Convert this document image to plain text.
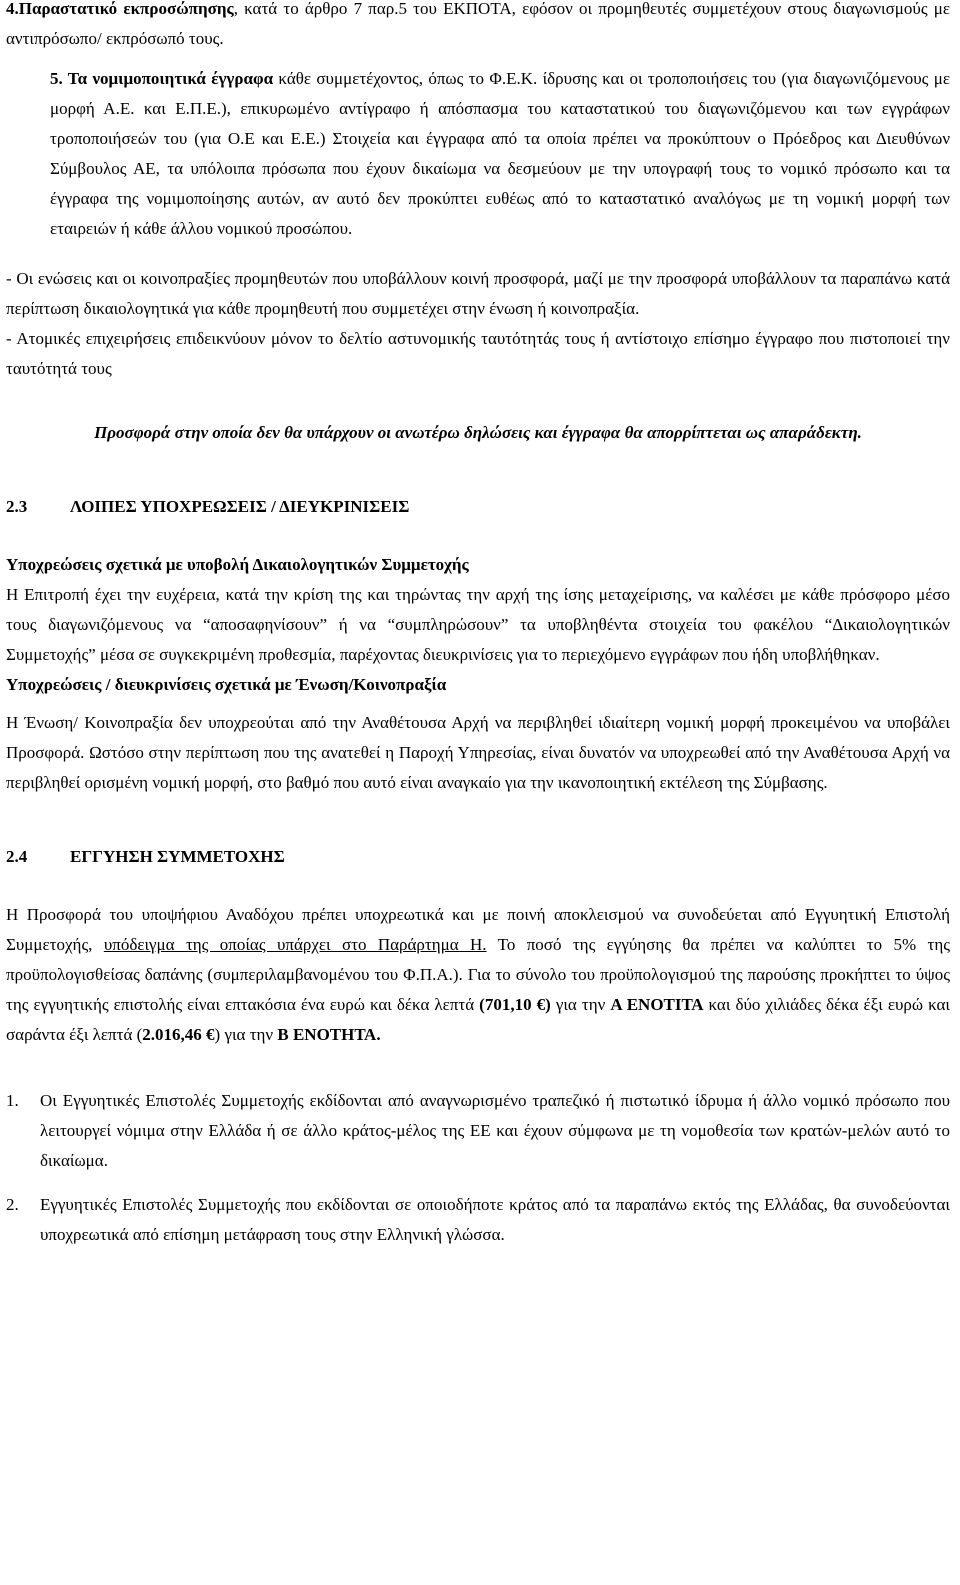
4.Παραστατικό εκπροσώπησης, κατά το άρθρο 7 παρ.5 του ΕΚΠΟΤΑ, εφόσον οι προμηθευτές συμμετέχουν στους διαγωνισμούς με αντιπρόσωπο/ εκπρόσωπό τους.

5. Τα νομιμοποιητικά έγγραφα κάθε συμμετέχοντος, όπως το Φ.Ε.Κ. ίδρυσης και οι τροποποιήσεις του (για διαγωνιζόμενους με μορφή Α.Ε. και Ε.Π.Ε.), επικυρωμένο αντίγραφο ή απόσπασμα του καταστατικού του διαγωνιζόμενου και των εγγράφων τροποποιήσεών του (για Ο.Ε και Ε.Ε.) Στοιχεία και έγγραφα από τα οποία πρέπει να προκύπτουν ο Πρόεδρος και Διευθύνων Σύμβουλος ΑΕ, τα υπόλοιπα πρόσωπα που έχουν δικαίωμα να δεσμεύουν με την υπογραφή τους το νομικό πρόσωπο και τα έγγραφα της νομιμοποίησης αυτών, αν αυτό δεν προκύπτει ευθέως από το καταστατικό αναλόγως με τη νομική μορφή των εταιρειών ή κάθε άλλου νομικού προσώπου.

- Οι ενώσεις και οι κοινοπραξίες προμηθευτών που υποβάλλουν κοινή προσφορά, μαζί με την προσφορά υποβάλλουν τα παραπάνω κατά περίπτωση δικαιολογητικά για κάθε προμηθευτή που συμμετέχει στην ένωση ή κοινοπραξία.

- Ατομικές επιχειρήσεις επιδεικνύουν μόνον το δελτίο αστυνομικής ταυτότητάς τους ή αντίστοιχο επίσημο έγγραφο που πιστοποιεί την ταυτότητά τους

Προσφορά στην οποία δεν θα υπάρχουν οι ανωτέρω δηλώσεις και έγγραφα θα απορρίπτεται ως απαράδεκτη.

2.3	ΛΟΙΠΕΣ ΥΠΟΧΡΕΩΣΕΙΣ / ΔΙΕΥΚΡΙΝΙΣΕΙΣ

Υποχρεώσεις σχετικά με υποβολή Δικαιολογητικών Συμμετοχής

Η Επιτροπή έχει την ευχέρεια, κατά την κρίση της και τηρώντας την αρχή της ίσης μεταχείρισης, να καλέσει με κάθε πρόσφορο μέσο τους διαγωνιζόμενους να “αποσαφηνίσουν” ή να “συμπληρώσουν” τα υποβληθέντα στοιχεία του φακέλου “Δικαιολογητικών Συμμετοχής” μέσα σε συγκεκριμένη προθεσμία, παρέχοντας διευκρινίσεις για το περιεχόμενο εγγράφων που ήδη υποβλήθηκαν.

Υποχρεώσεις / διευκρινίσεις σχετικά με Ένωση/Κοινοπραξία

Η Ένωση/ Κοινοπραξία δεν υποχρεούται από την Αναθέτουσα Αρχή να περιβληθεί ιδιαίτερη νομική μορφή προκειμένου να υποβάλει Προσφορά. Ωστόσο στην περίπτωση που της ανατεθεί η Παροχή Υπηρεσίας, είναι δυνατόν να υποχρεωθεί από την Αναθέτουσα Αρχή να περιβληθεί ορισμένη νομική μορφή, στο βαθμό που αυτό είναι αναγκαίο για την ικανοποιητική εκτέλεση της Σύμβασης.

2.4	ΕΓΓΥΗΣΗ ΣΥΜΜΕΤΟΧΗΣ

Η Προσφορά του υποψήφιου Αναδόχου πρέπει υποχρεωτικά και με ποινή αποκλεισμού να συνοδεύεται από Εγγυητική Επιστολή Συμμετοχής, υπόδειγμα της οποίας υπάρχει στο Παράρτημα Η. Το ποσό της εγγύησης θα πρέπει να καλύπτει το 5% της προϋπολογισθείσας δαπάνης (συμπεριλαμβανομένου του Φ.Π.Α.). Για το σύνολο του προϋπολογισμού της παρούσης προκήπτει το ύψος της εγγυητικής επιστολής είναι επτακόσια ένα ευρώ και δέκα λεπτά (701,10 €) για την Α ΕΝΟΤΙΤΑ και δύο χιλιάδες δέκα έξι ευρώ και σαράντα έξι λεπτά (2.016,46 €) για την Β ΕΝΟΤΗΤΑ.

1.	Οι Εγγυητικές Επιστολές Συμμετοχής εκδίδονται από αναγνωρισμένο τραπεζικό ή πιστωτικό ίδρυμα ή άλλο νομικό πρόσωπο που λειτουργεί νόμιμα στην Ελλάδα ή σε άλλο κράτος-μέλος της ΕΕ και έχουν σύμφωνα με τη νομοθεσία των κρατών-μελών αυτό το δικαίωμα.
2.	Εγγυητικές Επιστολές Συμμετοχής που εκδίδονται σε οποιοδήποτε κράτος από τα παραπάνω εκτός της Ελλάδας, θα συνοδεύονται υποχρεωτικά από επίσημη μετάφραση τους στην Ελληνική γλώσσα.
